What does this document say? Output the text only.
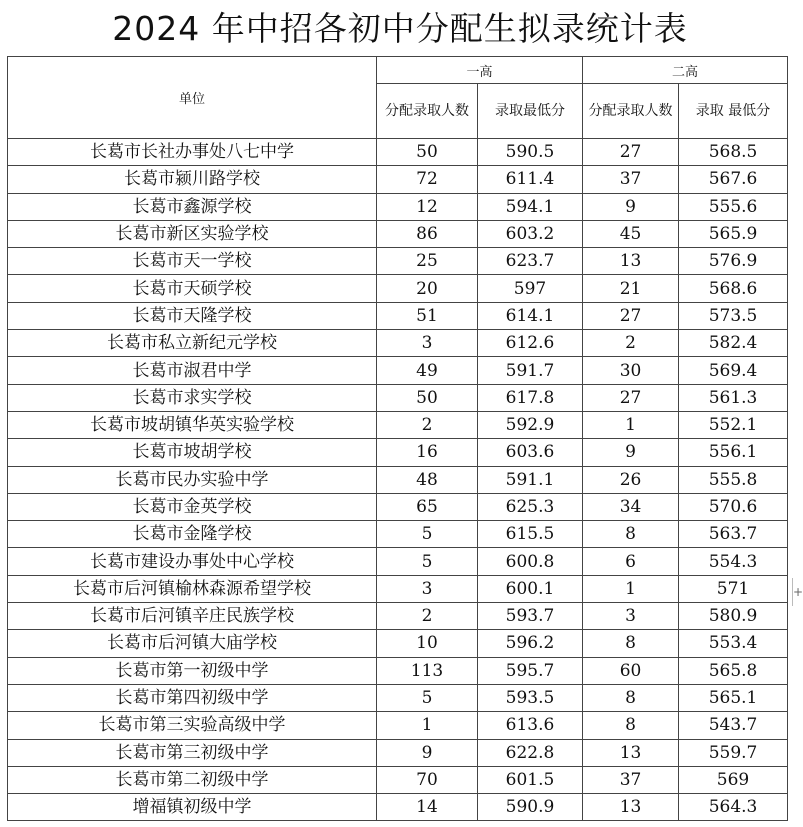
2024 年中招各初中分配生拟录统计表
单位	一高		二高	
	分配录取人数	录取最低分	分配录取人数	录取 最低分
长葛市长社办事处八七中学	50	590.5	27	568.5
长葛市颍川路学校	72	611.4	37	567.6
长葛市鑫源学校	12	594.1	9	555.6
长葛市新区实验学校	86	603.2	45	565.9
长葛市天一学校	25	623.7	13	576.9
长葛市天硕学校	20	597	21	568.6
长葛市天隆学校	51	614.1	27	573.5
长葛市私立新纪元学校	3	612.6	2	582.4
长葛市淑君中学	49	591.7	30	569.4
长葛市求实学校	50	617.8	27	561.3
长葛市坡胡镇华英实验学校	2	592.9	1	552.1
长葛市坡胡学校	16	603.6	9	556.1
长葛市民办实验中学	48	591.1	26	555.8
长葛市金英学校	65	625.3	34	570.6
长葛市金隆学校	5	615.5	8	563.7
长葛市建设办事处中心学校	5	600.8	6	554.3
长葛市后河镇榆林森源希望学校	3	600.1	1	571
长葛市后河镇辛庄民族学校	2	593.7	3	580.9
长葛市后河镇大庙学校	10	596.2	8	553.4
长葛市第一初级中学	113	595.7	60	565.8
长葛市第四初级中学	5	593.5	8	565.1
长葛市第三实验高级中学	1	613.6	8	543.7
长葛市第三初级中学	9	622.8	13	559.7
长葛市第二初级中学	70	601.5	37	569
增福镇初级中学	14	590.9	13	564.3
+
